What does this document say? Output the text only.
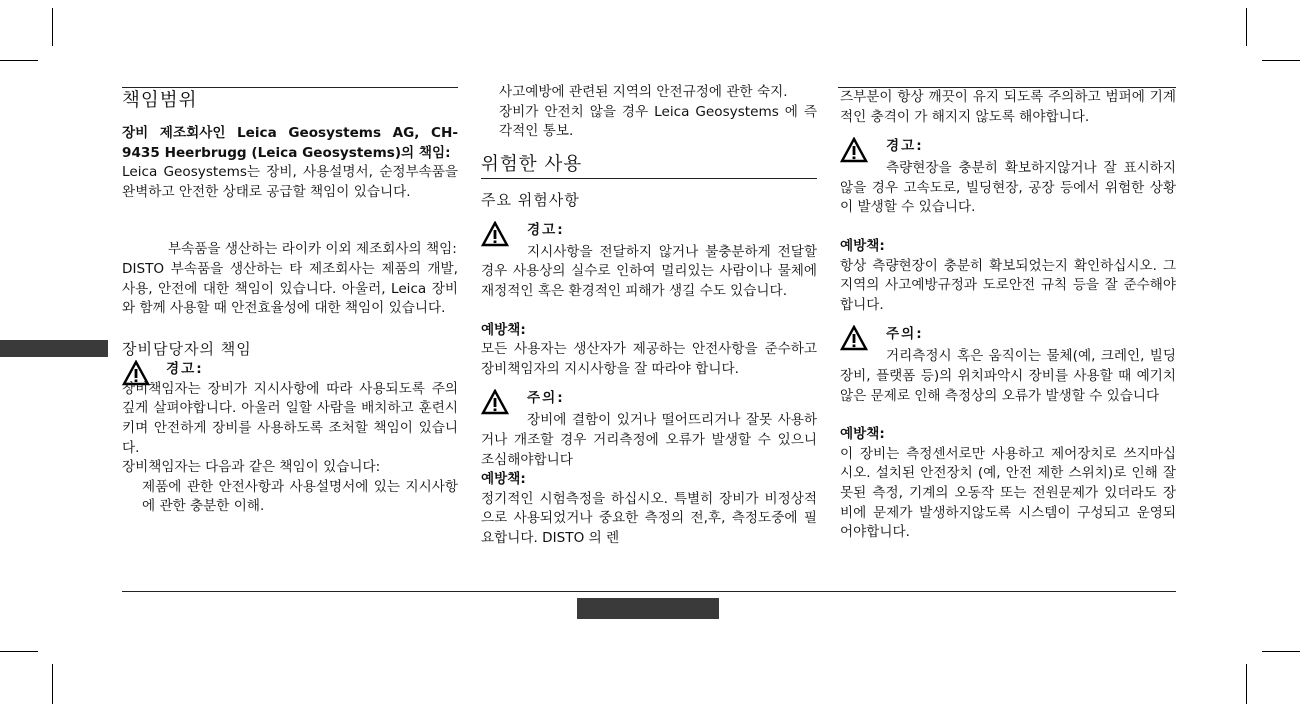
책임범위

장비 제조회사인 Leica Geosystems AG, CH-9435 Heerbrugg (Leica Geosystems)의 책임:

Leica Geosystems는 장비, 사용설명서, 순정부속품을 완벽하고 안전한 상태로 공급할 책임이 있습니다.

부속품을 생산하는 라이카 이외 제조회사의 책임:

DISTO 부속품을 생산하는 타 제조회사는 제품의 개발, 사용, 안전에 대한 책임이 있습니다. 아울러, Leica 장비와 함께 사용할 때 안전효율성에 대한 책임이 있습니다.

장비담당자의 책임
경고:

장비책임자는 장비가 지시사항에 따라 사용되도록 주의깊게 살펴야합니다. 아울러 일할 사람을 배치하고 훈련시키며 안전하게 장비를 사용하도록 조처할 책임이 있습니다.

장비책임자는 다음과 같은 책임이 있습니다:

제품에 관한 안전사항과 사용설명서에 있는 지시사항에 관한 충분한 이해.

사고예방에 관련된 지역의 안전규정에 관한 숙지.

장비가 안전치 않을 경우 Leica Geosystems 에 즉각적인 통보.

위험한 사용
주요 위험사항
경고:

지시사항을 전달하지 않거나 불충분하게 전달할 경우 사용상의 실수로 인하여 멀리있는 사람이나 물체에 재정적인 혹은 환경적인 피해가 생길 수도 있습니다.

예방책:

모든 사용자는 생산자가 제공하는 안전사항을 준수하고 장비책임자의 지시사항을 잘 따라야 합니다.

주의:

장비에 결함이 있거나 떨어뜨리거나 잘못 사용하거나 개조할 경우 거리측정에 오류가 발생할 수 있으니 조심해야합니다

예방책:

정기적인 시험측정을 하십시오. 특별히 장비가 비정상적으로 사용되었거나 중요한 측정의 전,후, 측정도중에 필요합니다. DISTO 의 렌

즈부분이 항상 깨끗이 유지 되도록 주의하고 범퍼에 기계적인 충격이 가 해지지 않도록 해야합니다.

경고:

측량현장을 충분히 확보하지않거나 잘 표시하지 않을 경우 고속도로, 빌딩현장, 공장 등에서 위험한 상황이 발생할 수 있습니다.

예방책:

항상 측량현장이 충분히 확보되었는지 확인하십시오. 그 지역의 사고예방규정과 도로안전 규칙 등을 잘 준수해야합니다.

주의:

거리측정시 혹은 움직이는 물체(예, 크레인, 빌딩장비, 플랫폼 등)의 위치파악시 장비를 사용할 때 예기치않은 문제로 인해 측정상의 오류가 발생할 수 있습니다

예방책:

이 장비는 측정센서로만 사용하고 제어장치로 쓰지마십시오. 설치된 안전장치 (예, 안전 제한 스위치)로 인해 잘못된 측정, 기계의 오동작 또는 전원문제가 있더라도 장비에 문제가 발생하지않도록 시스템이 구성되고 운영되어야합니다.
